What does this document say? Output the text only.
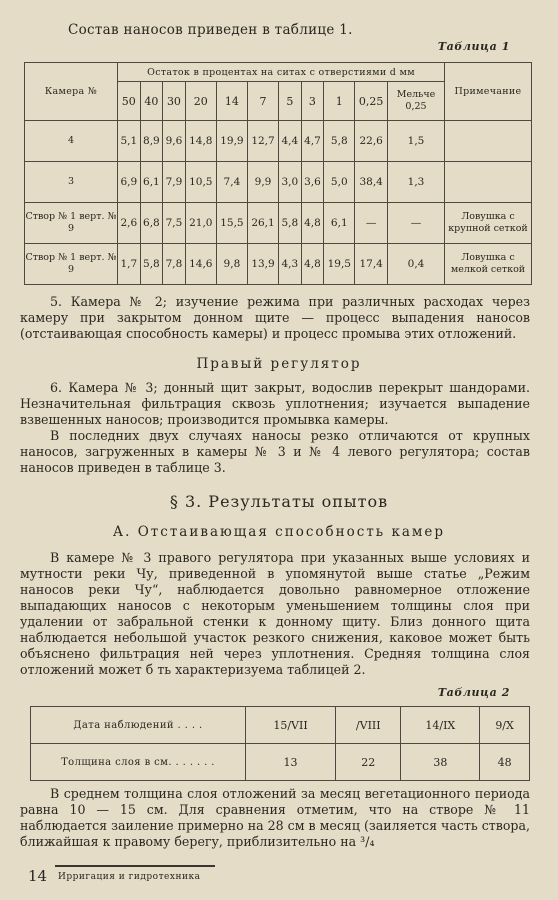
Состав наносов приведен в таблице 1.

Таблица 1
Камера №	Остаток в процентах на ситах с отверстиями d мм											Примечание
	50	40	30	20	14	7	5	3	1	0,25	Мельче 0,25	
4	5,1	8,9	9,6	14,8	19,9	12,7	4,4	4,7	5,8	22,6	1,5	
3	6,9	6,1	7,9	10,5	7,4	9,9	3,0	3,6	5,0	38,4	1,3	
Створ № 1 верт. № 9	2,6	6,8	7,5	21,0	15,5	26,1	5,8	4,8	6,1	—	—	Ловушка с крупной сеткой
Створ № 1 верт. № 9	1,7	5,8	7,8	14,6	9,8	13,9	4,3	4,8	19,5	17,4	0,4	Ловушка с мелкой сеткой

5. Камера № 2; изучение режима при различных расходах через камеру при закрытом донном щите — процесс выпадения наносов (отстаивающая способность камеры) и процесс промыва этих отложений.

Правый регулятор

6. Камера № 3; донный щит закрыт, водослив перекрыт шандорами. Незначительная фильтрация сквозь уплотнения; изучается выпадение взвешенных наносов; производится промывка камеры.

В последних двух случаях наносы резко отличаются от крупных наносов, загруженных в камеры № 3 и № 4 левого регулятора; состав наносов приведен в таблице 3.

§ 3. Результаты опытов
А. Отстаивающая способность камер

В камере № 3 правого регулятора при указанных выше условиях и мутности реки Чу, приведенной в упомянутой выше статье „Режим наносов реки Чу“, наблюдается довольно равномерное отложение выпадающих наносов с некоторым уменьшением толщины слоя при удалении от забральной стенки к донному щиту. Близ донного щита наблюдается небольшой участок резкого снижения, каковое может быть объяснено фильтрация ней через уплотнения. Средняя толщина слоя отложений может б ть характеризуема таблицей 2.

Таблица 2
Дата наблюдений . . . .	15/VII	/VIII	14/IX	9/X
Толщина слоя в см. . . . . . .	13	22	38	48

В среднем толщина слоя отложений за месяц вегетационного периода равна 10 — 15 см. Для сравнения отметим, что на створе № 11 наблюдается заиление примерно на 28 см в месяц (заиляется часть створа, ближайшая к правому берегу, приблизительно на ³/₄

14 Ирригация и гидротехника
